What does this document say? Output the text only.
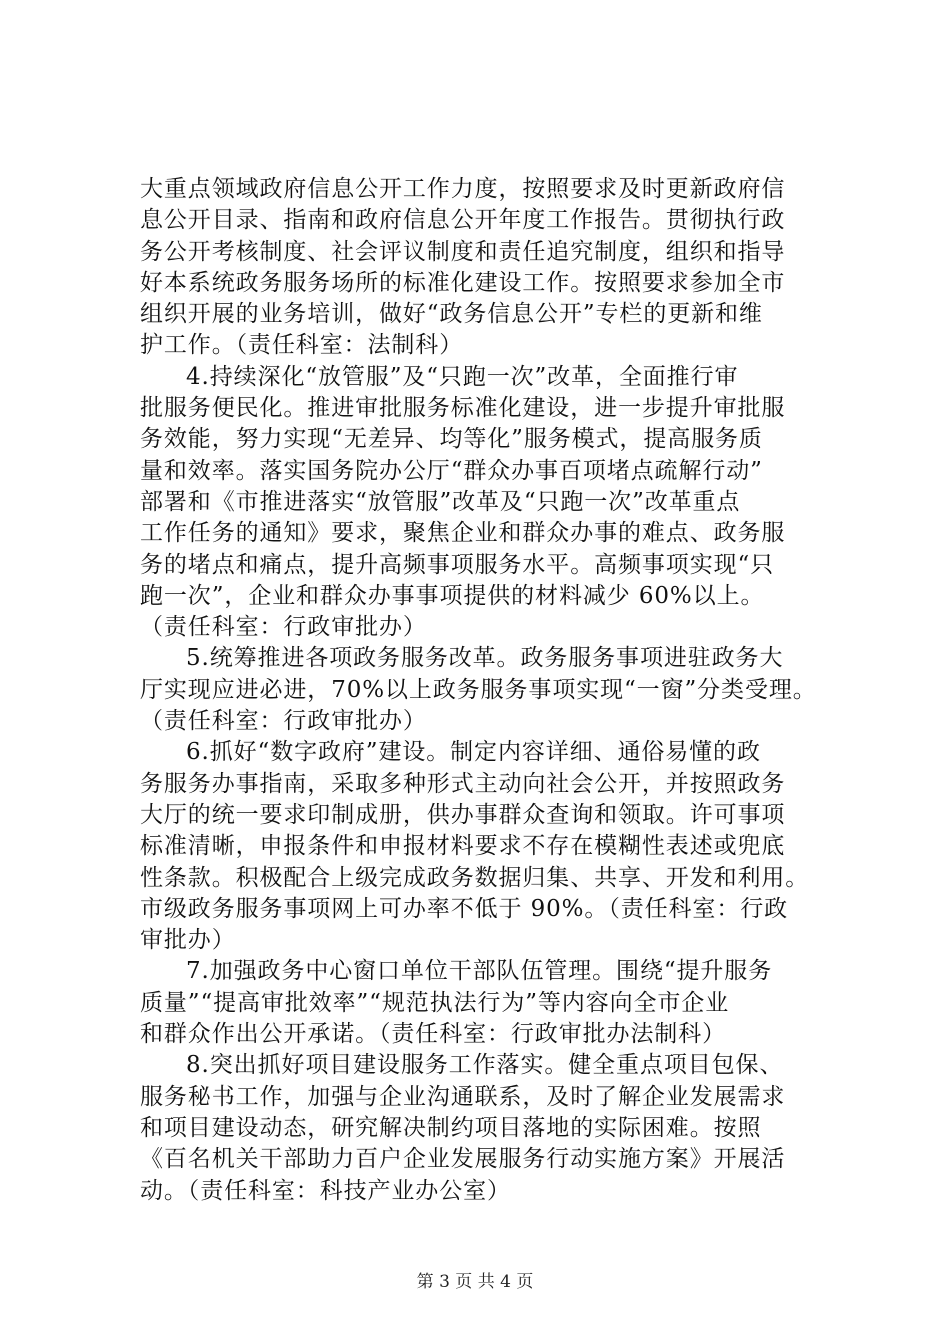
大重点领域政府信息公开工作力度，按照要求及时更新政府信
息公开目录、指南和政府信息公开年度工作报告。贯彻执行政
务公开考核制度、社会评议制度和责任追究制度，组织和指导
好本系统政务服务场所的标准化建设工作。按照要求参加全市
组织开展的业务培训，做好“政务信息公开”专栏的更新和维
护工作。（责任科室：法制科）
4.持续深化“放管服”及“只跑一次”改革，全面推行审
批服务便民化。推进审批服务标准化建设，进一步提升审批服
务效能，努力实现“无差异、均等化”服务模式，提高服务质
量和效率。落实国务院办公厅“群众办事百项堵点疏解行动”
部署和《市推进落实“放管服”改革及“只跑一次”改革重点
工作任务的通知》要求，聚焦企业和群众办事的难点、政务服
务的堵点和痛点，提升高频事项服务水平。高频事项实现“只
跑一次”，企业和群众办事事项提供的材料减少 60%以上。
（责任科室：行政审批办）
5.统筹推进各项政务服务改革。政务服务事项进驻政务大
厅实现应进必进，70%以上政务服务事项实现“一窗”分类受理。
（责任科室：行政审批办）
6.抓好“数字政府”建设。制定内容详细、通俗易懂的政
务服务办事指南，采取多种形式主动向社会公开，并按照政务
大厅的统一要求印制成册，供办事群众查询和领取。许可事项
标准清晰，申报条件和申报材料要求不存在模糊性表述或兜底
性条款。积极配合上级完成政务数据归集、共享、开发和利用。
市级政务服务事项网上可办率不低于 90%。（责任科室：行政
审批办）
7.加强政务中心窗口单位干部队伍管理。围绕“提升服务
质量”“提高审批效率”“规范执法行为”等内容向全市企业
和群众作出公开承诺。（责任科室：行政审批办法制科）
8.突出抓好项目建设服务工作落实。健全重点项目包保、
服务秘书工作，加强与企业沟通联系，及时了解企业发展需求
和项目建设动态，研究解决制约项目落地的实际困难。按照
《百名机关干部助力百户企业发展服务行动实施方案》开展活
动。（责任科室：科技产业办公室）
第 3 页 共 4 页
